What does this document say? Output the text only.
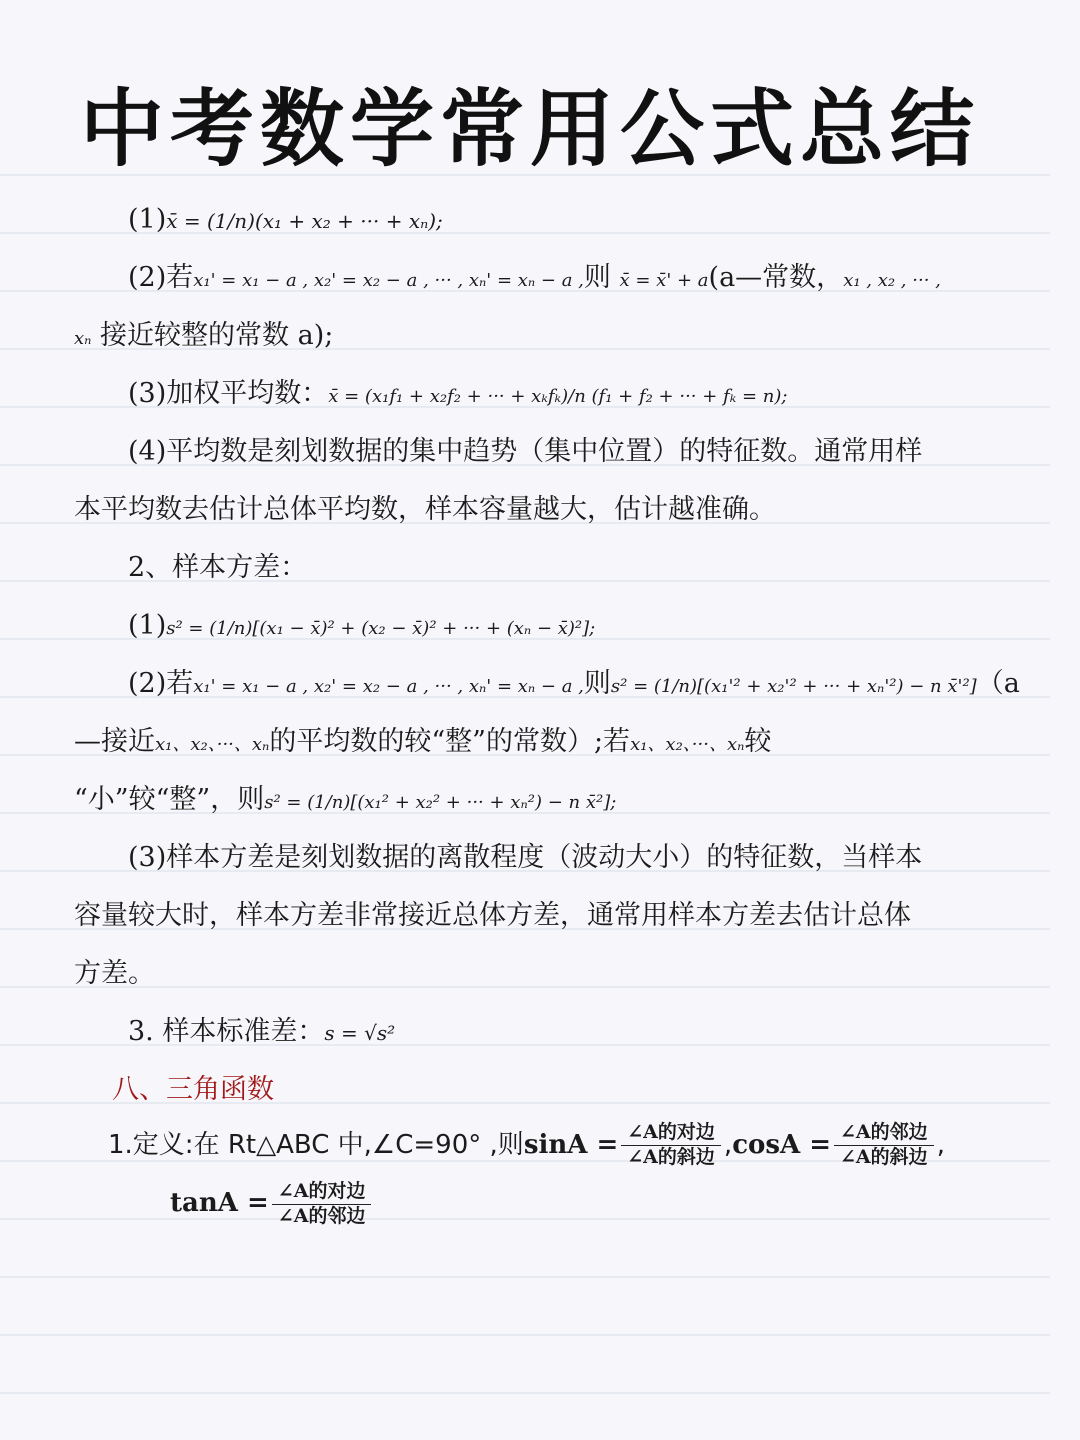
中考数学常用公式总结
(1)x̄ = (1/n)(x₁ + x₂ + ··· + xₙ);
(2)若x₁' = x₁ − a , x₂' = x₂ − a , ··· , xₙ' = xₙ − a ,则 x̄ = x̄' + a(a—常数，x₁ , x₂ , ··· ,
xₙ 接近较整的常数 a);
(3)加权平均数：x̄ = (x₁f₁ + x₂f₂ + ··· + xₖfₖ)/n (f₁ + f₂ + ··· + fₖ = n);
(4)平均数是刻划数据的集中趋势（集中位置）的特征数。通常用样
本平均数去估计总体平均数，样本容量越大，估计越准确。
2、样本方差：
(1)s² = (1/n)[(x₁ − x̄)² + (x₂ − x̄)² + ··· + (xₙ − x̄)²];
(2)若x₁' = x₁ − a , x₂' = x₂ − a , ··· , xₙ' = xₙ − a ,则s² = (1/n)[(x₁'² + x₂'² + ··· + xₙ'²) − n x̄'²]（a
—接近x₁、x₂、···、xₙ的平均数的较“整”的常数）;若x₁、x₂、···、xₙ较
“小”较“整”，则s² = (1/n)[(x₁² + x₂² + ··· + xₙ²) − n x̄²];
(3)样本方差是刻划数据的离散程度（波动大小）的特征数，当样本
容量较大时，样本方差非常接近总体方差，通常用样本方差去估计总体
方差。
3. 样本标准差：s = √s²
八、三角函数
1.定义:在 Rt△ABC 中,∠C=90° ,则$\sin A = \frac{\text{∠A的对边}}{\text{∠A的斜边}} ,\cos A = \frac{\text{∠A的邻边}}{\text{∠A的斜边}}$ ,
$\tan A = \frac{\text{∠A的对边}}{\text{∠A的邻边}}$
